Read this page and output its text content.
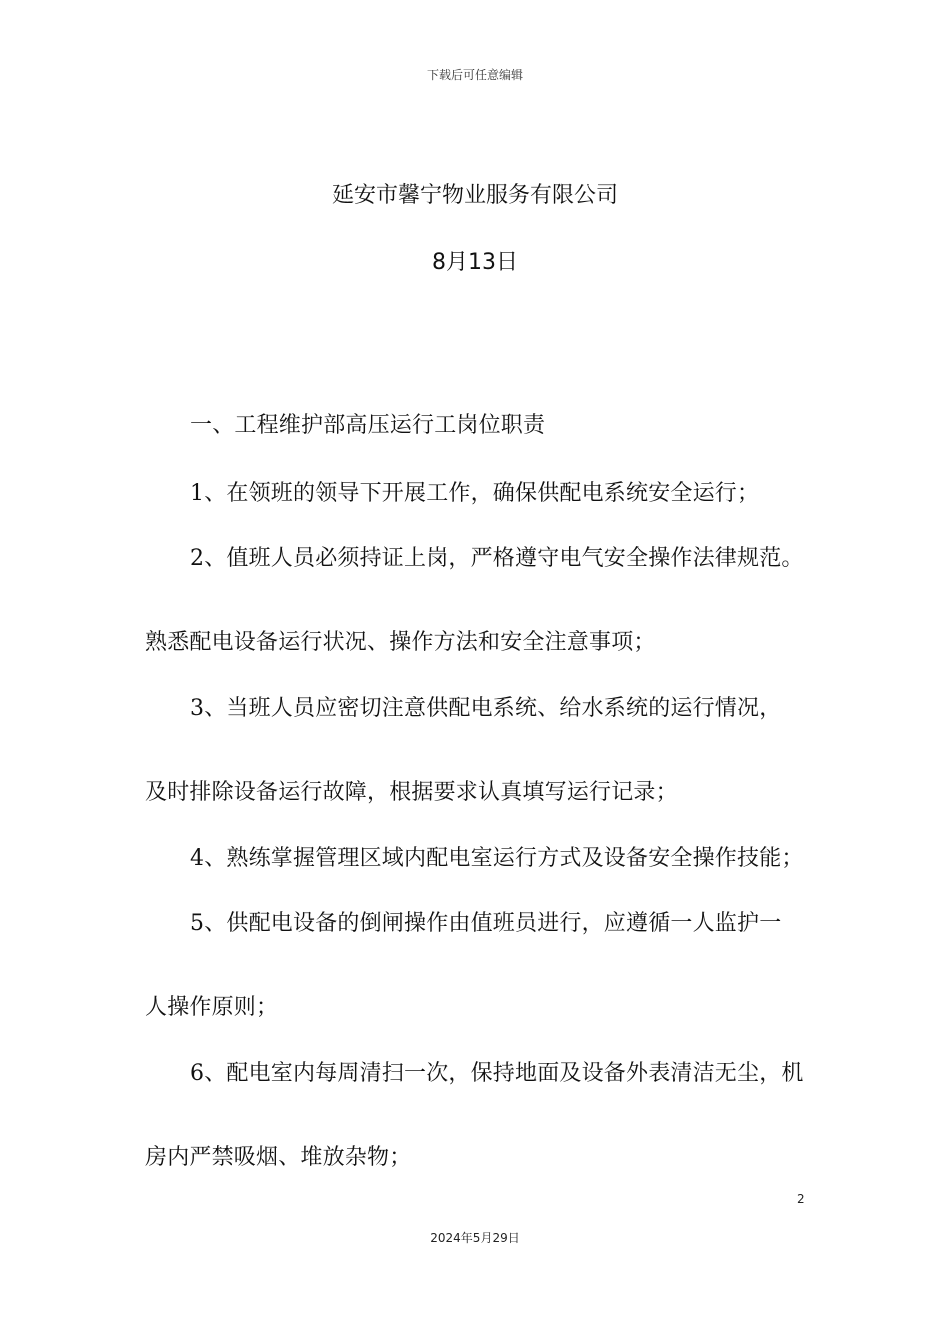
下载后可任意编辑
延安市馨宁物业服务有限公司
8月13日
一、工程维护部高压运行工岗位职责
1、在领班的领导下开展工作，确保供配电系统安全运行；
2、值班人员必须持证上岗，严格遵守电气安全操作法律规范。
熟悉配电设备运行状况、操作方法和安全注意事项；
3、当班人员应密切注意供配电系统、给水系统的运行情况，
及时排除设备运行故障，根据要求认真填写运行记录；
4、熟练掌握管理区域内配电室运行方式及设备安全操作技能；
5、供配电设备的倒闸操作由值班员进行，应遵循一人监护一
人操作原则；
6、配电室内每周清扫一次，保持地面及设备外表清洁无尘，机
房内严禁吸烟、堆放杂物；
2
2024年5月29日
